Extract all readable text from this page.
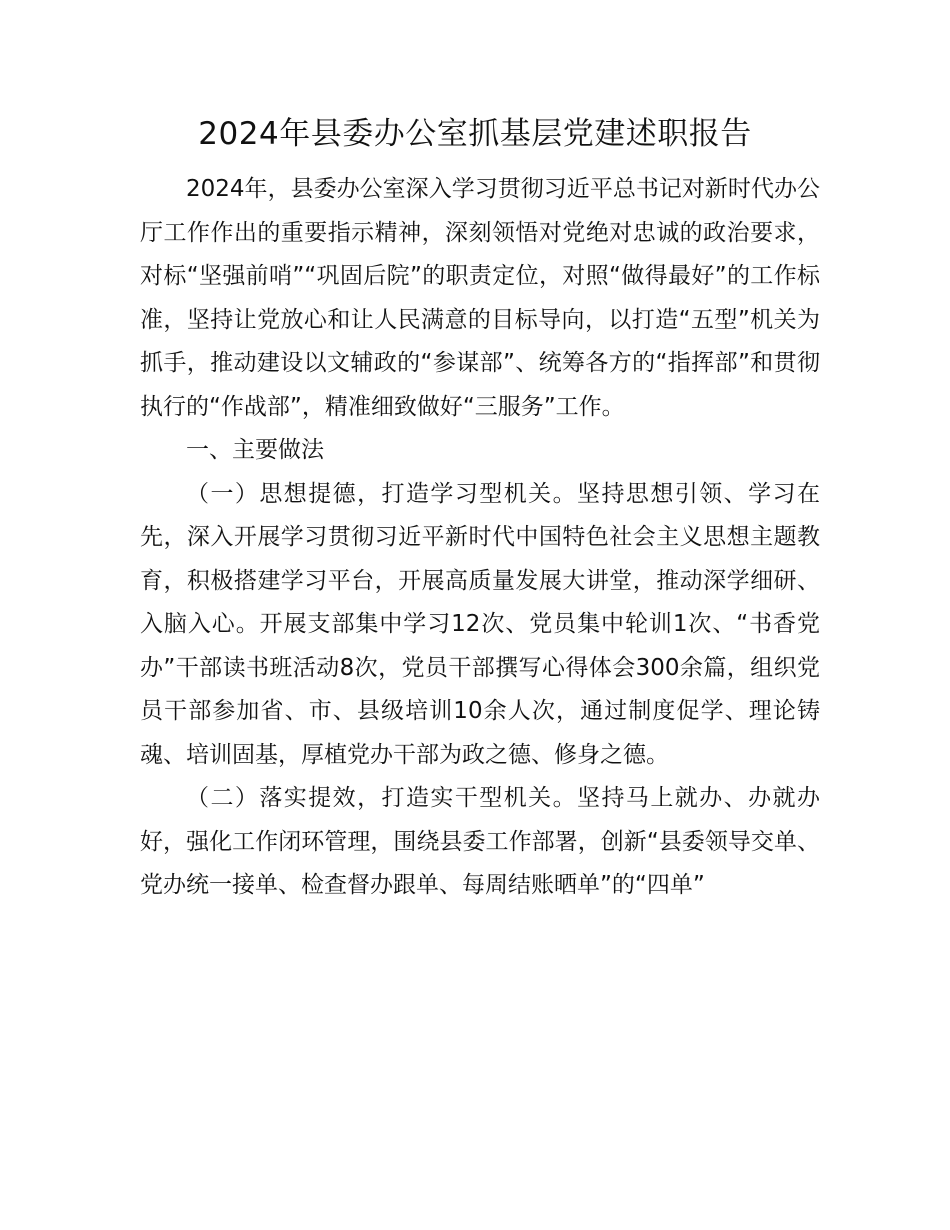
2024年县委办公室抓基层党建述职报告

2024年，县委办公室深入学习贯彻习近平总书记对新时代办公厅工作作出的重要指示精神，深刻领悟对党绝对忠诚的政治要求，对标“坚强前哨”“巩固后院”的职责定位，对照“做得最好”的工作标准，坚持让党放心和让人民满意的目标导向，以打造“五型”机关为抓手，推动建设以文辅政的“参谋部”、统筹各方的“指挥部”和贯彻执行的“作战部”，精准细致做好“三服务”工作。

一、主要做法

（一）思想提德，打造学习型机关。坚持思想引领、学习在先，深入开展学习贯彻习近平新时代中国特色社会主义思想主题教育，积极搭建学习平台，开展高质量发展大讲堂，推动深学细研、入脑入心。开展支部集中学习12次、党员集中轮训1次、“书香党办”干部读书班活动8次，党员干部撰写心得体会300余篇，组织党员干部参加省、市、县级培训10余人次，通过制度促学、理论铸魂、培训固基，厚植党办干部为政之德、修身之德。

（二）落实提效，打造实干型机关。坚持马上就办、办就办好，强化工作闭环管理，围绕县委工作部署，创新“县委领导交单、党办统一接单、检查督办跟单、每周结账晒单”的“四单”
